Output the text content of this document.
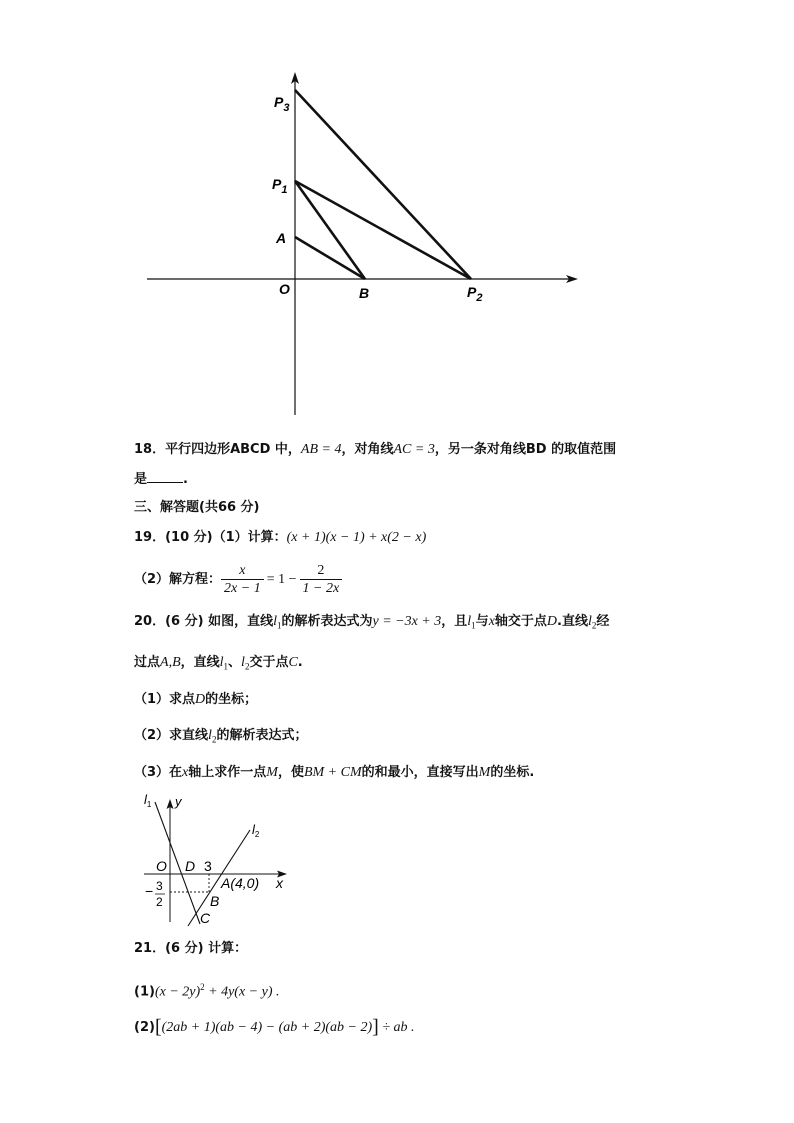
$P_3$
$P_1$
A
O	B	$P_2$
18．平行四边形ABCD 中，AB = 4，对角线AC = 3，另一条对角线BD 的取值范围
是	.
三、解答题(共66 分)
19．(10 分)（1）计算：(x + 1)(x − 1) + x(2 − x)
（2）解方程： $\frac{x}{2x - 1} = 1 - \frac{2}{1 - 2x}$
20．(6 分) 如图，直线$l_1$的解析表达式为y = −3x + 3，且$l_1$与x轴交于点D.直线$l_2$经
过点A,B，直线$l_1$、$l_2$交于点C.
（1）求点D的坐标；
（2）求直线$l_2$的解析表达式；
（3）在x轴上求作一点M，使BM + CM的和最小，直接写出M的坐标.
$l_1$ y
$l_2$
O D 3
A(4,0) x
− 3
2	B
C
21．(6 分) 计算：
$(1)(x - 2y)^2 + 4y(x - y)$ .
(2)[(2ab + 1)(ab − 4) − (ab + 2)(ab − 2)] ÷ ab .
